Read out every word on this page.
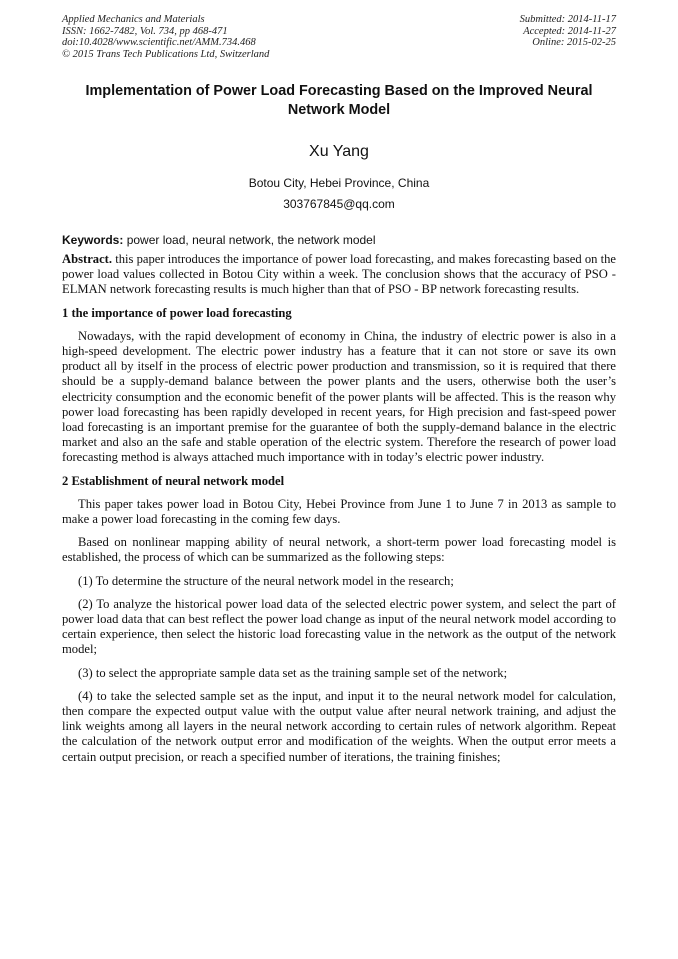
Applied Mechanics and Materials
ISSN: 1662-7482, Vol. 734, pp 468-471
doi:10.4028/www.scientific.net/AMM.734.468
© 2015 Trans Tech Publications Ltd, Switzerland
Submitted: 2014-11-17
Accepted: 2014-11-27
Online: 2015-02-25
Implementation of Power Load Forecasting Based on the Improved Neural Network Model
Xu Yang
Botou City, Hebei Province, China
303767845@qq.com
Keywords: power load, neural network, the network model

Abstract. this paper introduces the importance of power load forecasting, and makes forecasting based on the power load values collected in Botou City within a week. The conclusion shows that the accuracy of PSO - ELMAN network forecasting results is much higher than that of PSO - BP network forecasting results.

1 the importance of power load forecasting

Nowadays, with the rapid development of economy in China, the industry of electric power is also in a high-speed development. The electric power industry has a feature that it can not store or save its own product all by itself in the process of electric power production and transmission, so it is required that there should be a supply-demand balance between the power plants and the users, otherwise both the user’s electricity consumption and the economic benefit of the power plants will be affected. This is the reason why power load forecasting has been rapidly developed in recent years, for High precision and fast-speed power load forecasting is an important premise for the guarantee of both the supply-demand balance in the electric market and also an the safe and stable operation of the electric system. Therefore the research of power load forecasting method is always attached much importance with in today’s electric power industry.

2 Establishment of neural network model

This paper takes power load in Botou City, Hebei Province from June 1 to June 7 in 2013 as sample to make a power load forecasting in the coming few days.

Based on nonlinear mapping ability of neural network, a short-term power load forecasting model is established, the process of which can be summarized as the following steps:

(1) To determine the structure of the neural network model in the research;

(2) To analyze the historical power load data of the selected electric power system, and select the part of power load data that can best reflect the power load change as input of the neural network model according to certain experience, then select the historic load forecasting value in the network as the output of the network model;

(3) to select the appropriate sample data set as the training sample set of the network;

(4) to take the selected sample set as the input, and input it to the neural network model for calculation, then compare the expected output value with the output value after neural network training, and adjust the link weights among all layers in the neural network according to certain rules of network algorithm. Repeat the calculation of the network output error and modification of the weights. When the output error meets a certain output precision, or reach a specified number of iterations, the training finishes;
